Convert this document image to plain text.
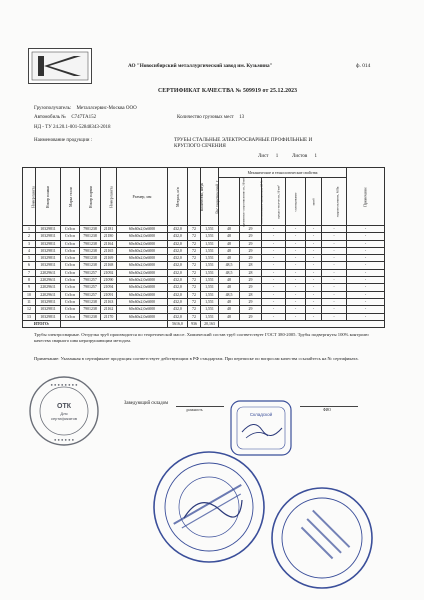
АО "Новосибирский металлургический завод им. Кузьмина"	ф. 014
СЕРТИФИКАТ КАЧЕСТВА № 509919 от 25.12.2023
Грузополучатель: Металлсервис-Москва ООО
Автомобиль № С747ТА152	Количество грузовых мест 13
НД - ТУ 24.20.1-001-52848343-2018
Наименование продукции :	ТРУБЫ СТАЛЬНЫЕ ЭЛЕКТРОСВАРНЫЕ ПРОФИЛЬНЫЕ И КРУГЛОГО СЕЧЕНИЯ
Лист 1	Листов 1
Номер пакета	Номер плавки	Марка стали	Номер партии	Номер пакета	Размер, мм	Метраж, м/п	Количество, штук	Вес теоретический, т	Механические и технологические свойства						Примечание
									временное сопротивление σв, Н/мм²	относительное удлинение, δ5 %	предел текучести, Н/мм²	сплющивание	загиб	гидроиспытание, МПа	
1	10329811	Ст3сп	7901238	21181	60х60х2,0х6000	432,0	72	1,551	48	29	-	-	-	-	-
2	10329811	Ст3сп	7901238	21180	60х60х2,0х6000	432,0	72	1,551	48	29	-	-	-	-	-
3	10329811	Ст3сп	7901238	21164	60х60х2,0х6000	432,0	72	1,551	48	29	-	-	-	-	-
4	10329811	Ст3сп	7901238	21165	60х60х2,0х6000	432,0	72	1,551	48	29	-	-	-	-	-
5	10329811	Ст3сп	7901238	21169	60х60х2,0х6000	432,0	72	1,551	48	29	-	-	-	-	-
6	10329811	Ст3сп	7901238	21168	60х60х2,0х6000	432,0	72	1,551	48,5	28	-	-	-	-	-
7	22029611	Ст3сп	7901257	21092	60х60х2,0х6000	432,0	72	1,551	48,5	28	-	-	-	-	-
8	22029611	Ст3сп	7901257	21090	60х60х2,0х6000	432,0	72	1,551	48	29	-	-	-	-	-
9	22029611	Ст3сп	7901257	21094	60х60х2,0х6000	432,0	72	1,551	48	29	-	-	-	-	-
10	22029611	Ст3сп	7901257	21091	60х60х2,0х6000	432,0	72	1,551	48,5	28	-	-	-	-	-
11	10329811	Ст3сп	7901238	21163	60х60х2,0х6000	432,0	72	1,551	48	29	-	-	-	-	-
12	10329811	Ст3сп	7901238	21162	60х60х2,0х6000	432,0	72	1,551	48	29	-	-	-	-	-
13	10329811	Ст3сп	7901238	21170	60х60х2,0х6000	432,0	72	1,551	48	29	-	-	-	-	-
ИТОГО:						5616,0	936	20,163							
Трубы электросварные. Отгрузка труб производится по теоретической массе. Химический состав труб соответствует ГОСТ 380-2005. Трубы подвергнуты 100% контролю качества сварного шва неразрушающим методом.
Примечание: Указанная в сертификате продукция соответствует действующим в РФ стандартам. При переписке по вопросам качества ссылайтесь на № сертификата.
● ● ● ● ● ● ● ●
● ● ● ● ● ●
ОТК
Для
сертификатов
Заведующий складом
должность	ФИО
Складской
